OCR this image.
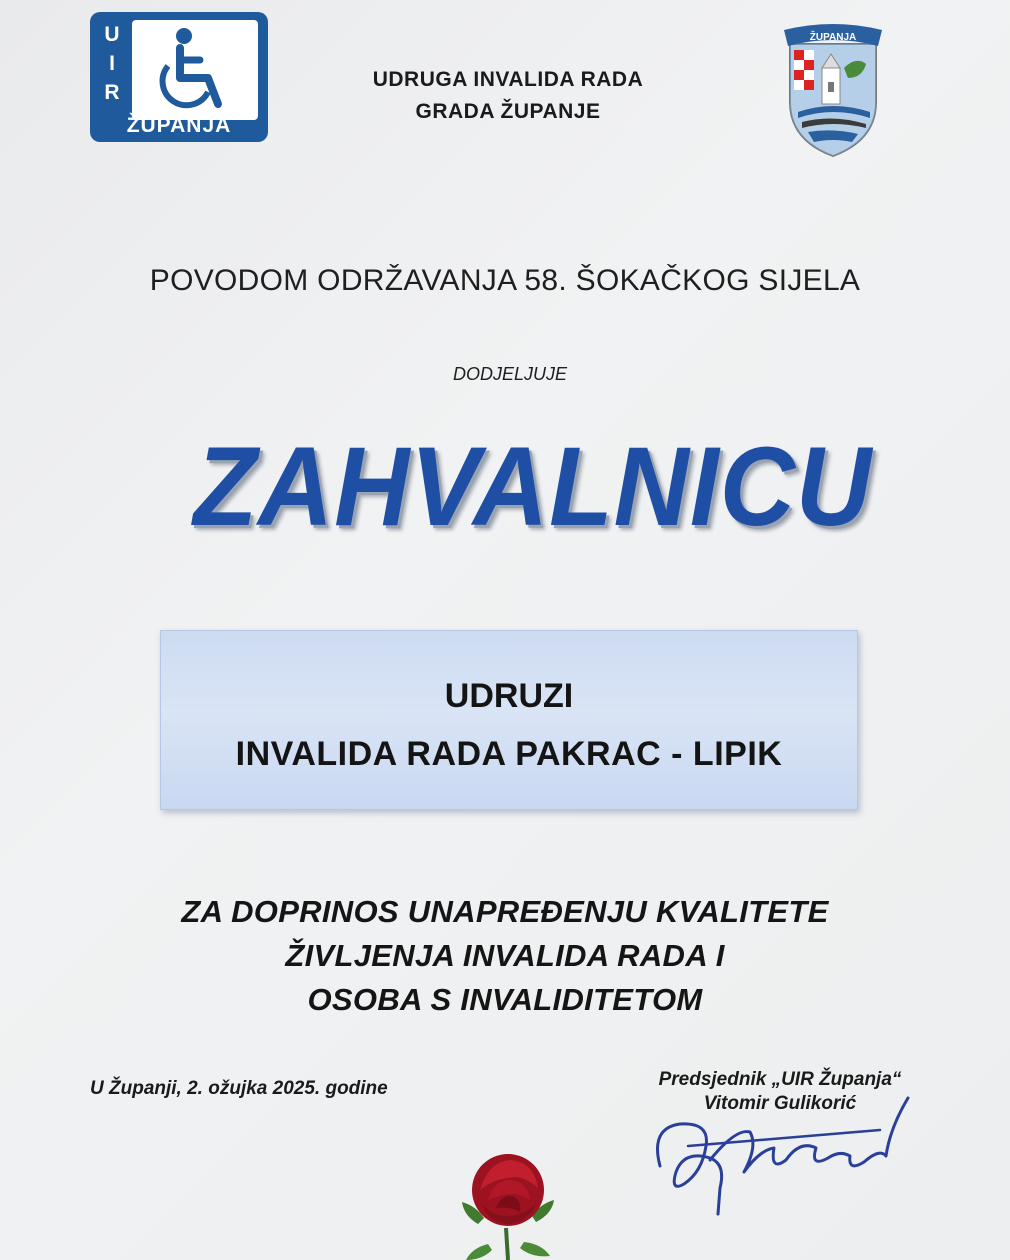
U
I
R
ŽUPANJA
UDRUGA INVALIDA RADA
GRADA ŽUPANJE
ŽUPANJA
POVODOM ODRŽAVANJA 58. ŠOKAČKOG SIJELA
DODJELJUJE
ZAHVALNICU
UDRUZI
INVALIDA RADA PAKRAC - LIPIK
ZA DOPRINOS UNAPREĐENJU KVALITETE
ŽIVLJENJA INVALIDA RADA I
OSOBA S INVALIDITETOM
U Županji, 2. ožujka 2025. godine	Predsjednik „UIR Županja“
Vitomir Gulikorić
